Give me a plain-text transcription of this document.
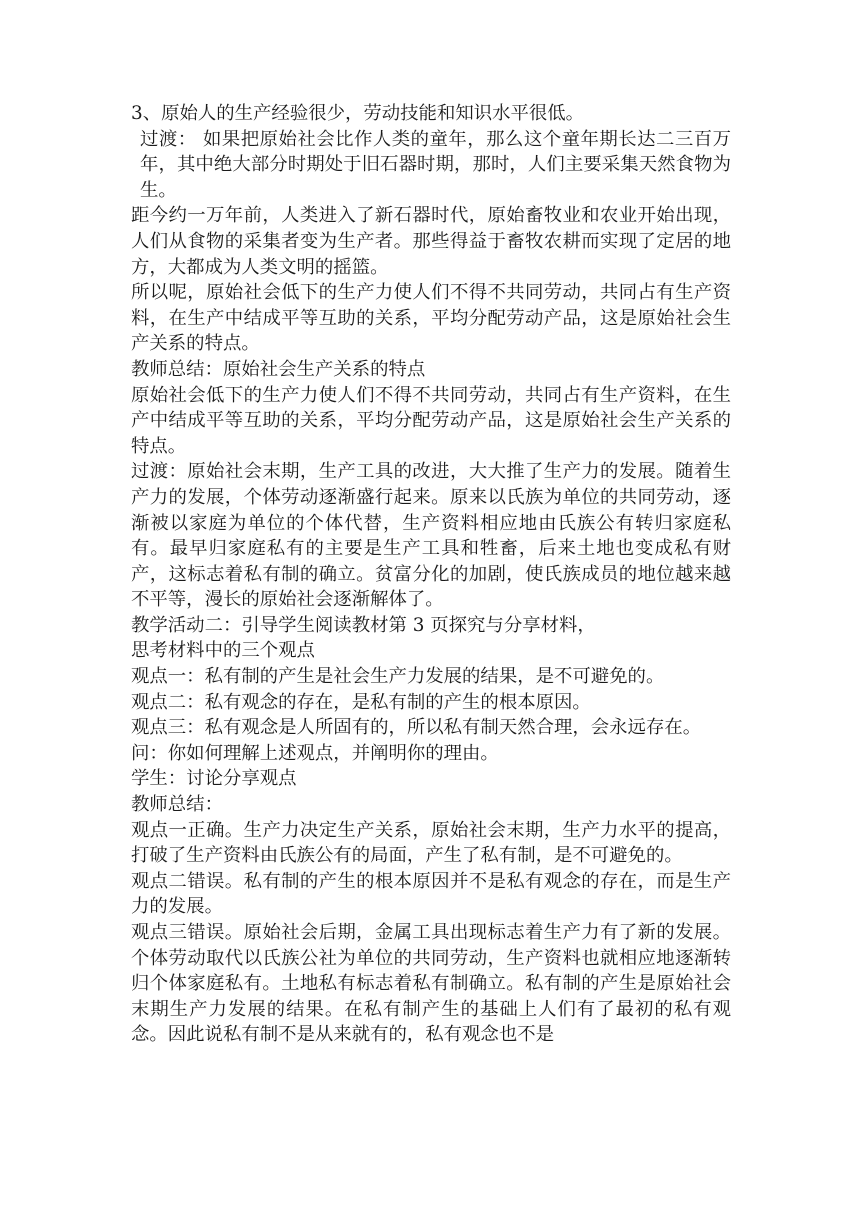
3、原始人的生产经验很少，劳动技能和知识水平很低。

过渡： 如果把原始社会比作人类的童年，那么这个童年期长达二三百万年，其中绝大部分时期处于旧石器时期，那时，人们主要采集天然食物为生。

距今约一万年前，人类进入了新石器时代，原始畜牧业和农业开始出现，人们从食物的采集者变为生产者。那些得益于畜牧农耕而实现了定居的地方，大都成为人类文明的摇篮。

所以呢，原始社会低下的生产力使人们不得不共同劳动，共同占有生产资料，在生产中结成平等互助的关系，平均分配劳动产品，这是原始社会生产关系的特点。

教师总结：原始社会生产关系的特点

原始社会低下的生产力使人们不得不共同劳动，共同占有生产资料，在生产中结成平等互助的关系，平均分配劳动产品，这是原始社会生产关系的特点。

过渡：原始社会末期，生产工具的改进，大大推了生产力的发展。随着生产力的发展，个体劳动逐渐盛行起来。原来以氏族为单位的共同劳动，逐渐被以家庭为单位的个体代替，生产资料相应地由氏族公有转归家庭私有。最早归家庭私有的主要是生产工具和牲畜，后来土地也变成私有财产，这标志着私有制的确立。贫富分化的加剧，使氏族成员的地位越来越不平等，漫长的原始社会逐渐解体了。

教学活动二：引导学生阅读教材第 3 页探究与分享材料，

思考材料中的三个观点

观点一：私有制的产生是社会生产力发展的结果，是不可避免的。

观点二：私有观念的存在，是私有制的产生的根本原因。

观点三：私有观念是人所固有的，所以私有制天然合理，会永远存在。

问：你如何理解上述观点，并阐明你的理由。

学生：讨论分享观点

教师总结：

观点一正确。生产力决定生产关系，原始社会末期，生产力水平的提高，打破了生产资料由氏族公有的局面，产生了私有制，是不可避免的。

观点二错误。私有制的产生的根本原因并不是私有观念的存在，而是生产力的发展。

观点三错误。原始社会后期，金属工具出现标志着生产力有了新的发展。个体劳动取代以氏族公社为单位的共同劳动，生产资料也就相应地逐渐转归个体家庭私有。土地私有标志着私有制确立。私有制的产生是原始社会末期生产力发展的结果。在私有制产生的基础上人们有了最初的私有观念。因此说私有制不是从来就有的，私有观念也不是
